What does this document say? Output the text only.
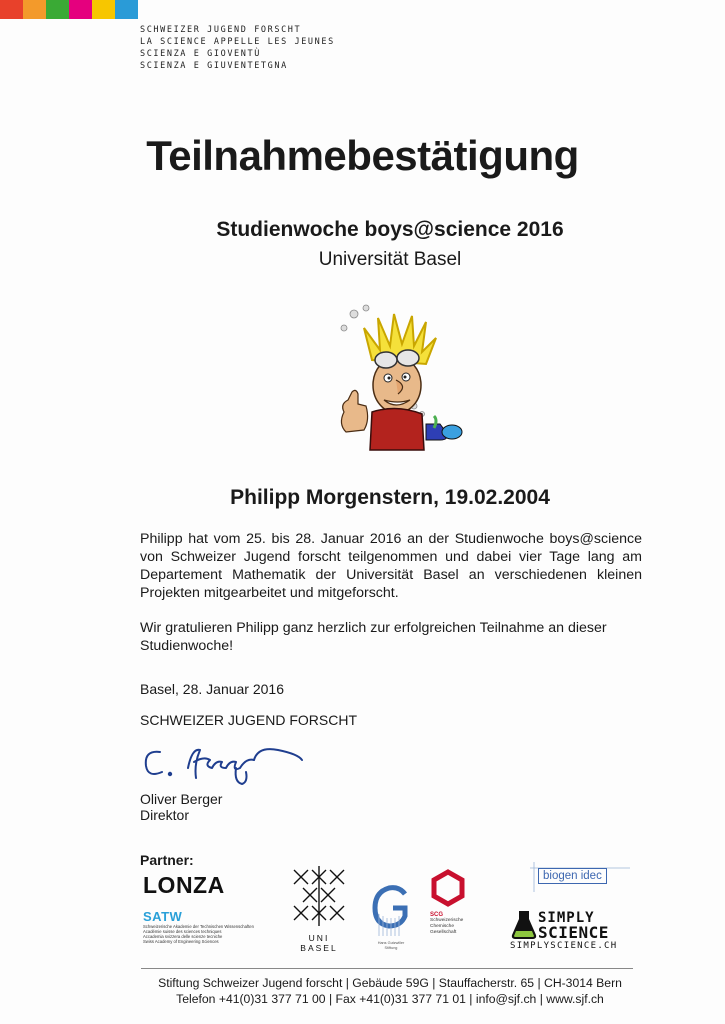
SCHWEIZER JUGEND FORSCHT
LA SCIENCE APPELLE LES JEUNES
SCIENZA E GIOVENTÙ
SCIENZA E GIUVENTETGNA
Teilnahmebestätigung
Studienwoche boys@science 2016
Universität Basel
Philipp Morgenstern, 19.02.2004

Philipp hat vom 25. bis 28. Januar 2016 an der Studienwoche boys@science von Schweizer Jugend forscht teilgenommen und dabei vier Tage lang am Departement Mathematik der Universität Basel an verschiedenen kleinen Projekten mitgearbeitet und mitgeforscht.

Wir gratulieren Philipp ganz herzlich zur erfolgreichen Teilnahme an dieser Studienwoche!

Basel, 28. Januar 2016
SCHWEIZER JUGEND FORSCHT
Oliver Berger
Direktor
Partner:
LONZA
SATW
Schweizerische Akademie der Technischen Wissenschaften
Académie suisse des sciences techniques
Accademia svizzera delle scienze tecniche
Swiss Academy of Engineering Sciences	UNI
BASEL	Hans Gutzwiller
Stiftung
SCG
Schweizerische
Chemische
Gesellschaft
biogen idec
SIMPLY
SCIENCE
SIMPLYSCIENCE.CH
Stiftung Schweizer Jugend forscht | Gebäude 59G | Stauffacherstr. 65 | CH-3014 Bern
Telefon +41(0)31 377 71 00 | Fax +41(0)31 377 71 01 | info@sjf.ch | www.sjf.ch
